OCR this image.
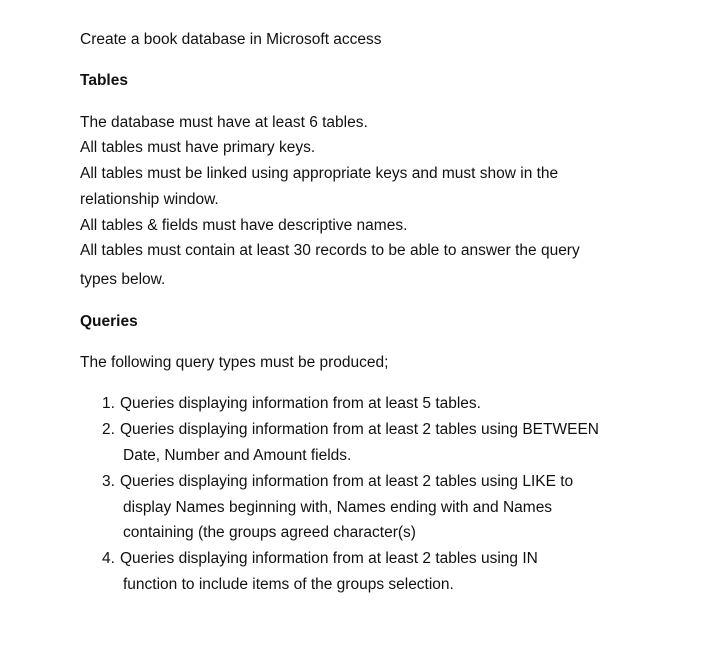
Create a book database in Microsoft access
Tables
The database must have at least 6 tables.
All tables must have primary keys.
All tables must be linked using appropriate keys and must show in the
relationship window.
All tables & fields must have descriptive names.
All tables must contain at least 30 records to be able to answer the query
types below.
Queries
The following query types must be produced;
1. Queries displaying information from at least 5 tables.
2. Queries displaying information from at least 2 tables using BETWEEN
Date, Number and Amount fields.
3. Queries displaying information from at least 2 tables using LIKE to
display Names beginning with, Names ending with and Names
containing (the groups agreed character(s)
4. Queries displaying information from at least 2 tables using IN
function to include items of the groups selection.
